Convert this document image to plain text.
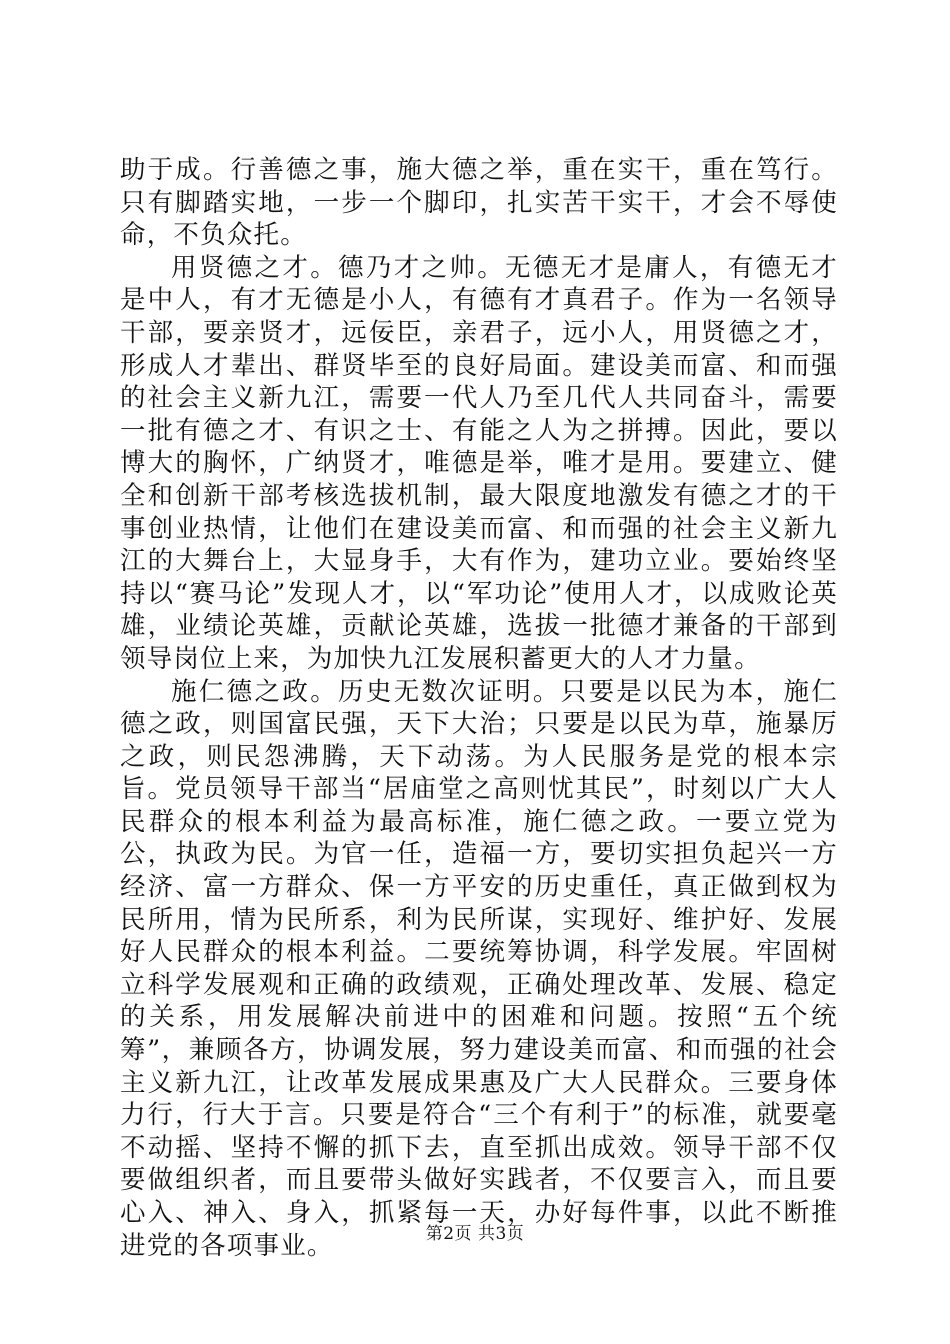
助于成。行善德之事，施大德之举，重在实干，重在笃行。只有脚踏实地，一步一个脚印，扎实苦干实干，才会不辱使命，不负众托。

用贤德之才。德乃才之帅。无德无才是庸人，有德无才是中人，有才无德是小人，有德有才真君子。作为一名领导干部，要亲贤才，远佞臣，亲君子，远小人，用贤德之才，形成人才辈出、群贤毕至的良好局面。建设美而富、和而强的社会主义新九江，需要一代人乃至几代人共同奋斗，需要一批有德之才、有识之士、有能之人为之拼搏。因此，要以博大的胸怀，广纳贤才，唯德是举，唯才是用。要建立、健全和创新干部考核选拔机制，最大限度地激发有德之才的干事创业热情，让他们在建设美而富、和而强的社会主义新九江的大舞台上，大显身手，大有作为，建功立业。要始终坚持以“赛马论”发现人才，以“军功论”使用人才，以成败论英雄，业绩论英雄，贡献论英雄，选拔一批德才兼备的干部到领导岗位上来，为加快九江发展积蓄更大的人才力量。

施仁德之政。历史无数次证明。只要是以民为本，施仁德之政，则国富民强，天下大治；只要是以民为草，施暴厉之政，则民怨沸腾，天下动荡。为人民服务是党的根本宗旨。党员领导干部当“居庙堂之高则忧其民”，时刻以广大人民群众的根本利益为最高标准，施仁德之政。一要立党为公，执政为民。为官一任，造福一方，要切实担负起兴一方经济、富一方群众、保一方平安的历史重任，真正做到权为民所用，情为民所系，利为民所谋，实现好、维护好、发展好人民群众的根本利益。二要统筹协调，科学发展。牢固树立科学发展观和正确的政绩观，正确处理改革、发展、稳定的关系，用发展解决前进中的困难和问题。按照“五个统筹”，兼顾各方，协调发展，努力建设美而富、和而强的社会主义新九江，让改革发展成果惠及广大人民群众。三要身体力行，行大于言。只要是符合“三个有利于”的标准，就要毫不动摇、坚持不懈的抓下去，直至抓出成效。领导干部不仅要做组织者，而且要带头做好实践者，不仅要言入，而且要心入、神入、身入，抓紧每一天，办好每件事，以此不断推进党的各项事业。	第2页 共3页
